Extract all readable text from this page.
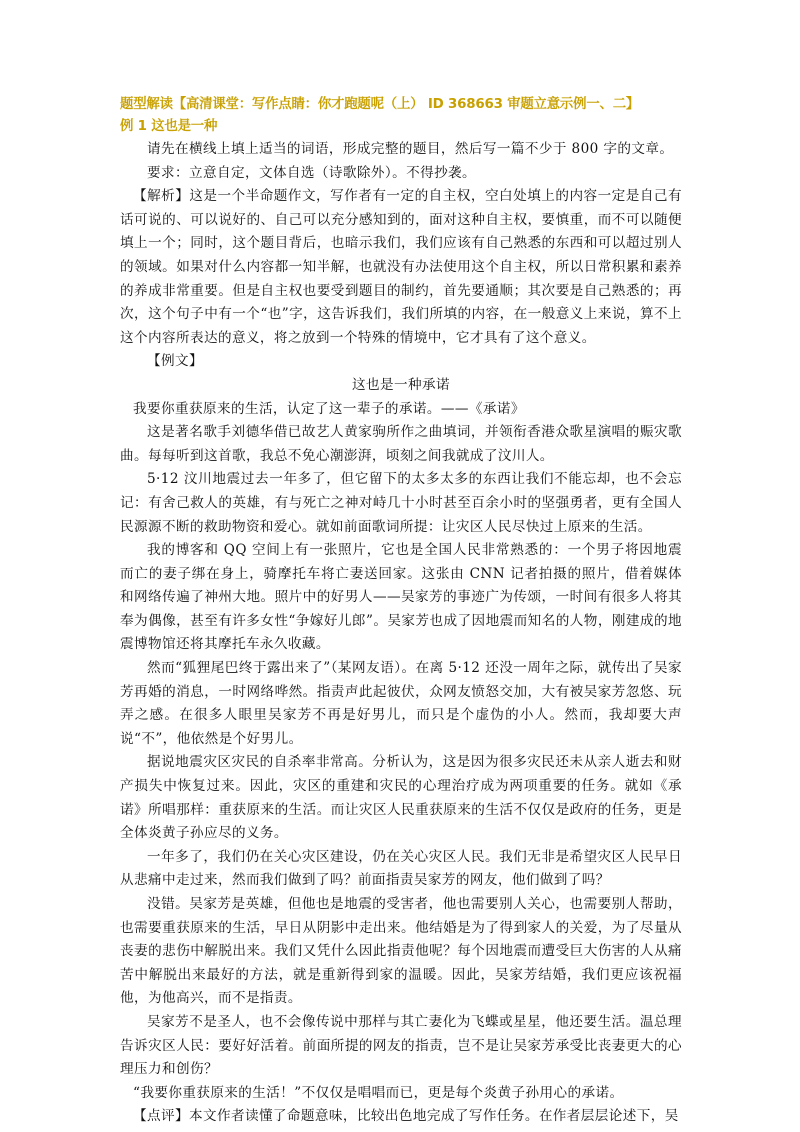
题型解读【高清课堂：写作点睛：你才跑题呢（上） ID 368663 审题立意示例一、二】
例 1 这也是一种

请先在横线上填上适当的词语，形成完整的题目，然后写一篇不少于 800 字的文章。

要求：立意自定，文体自选（诗歌除外）。不得抄袭。

【解析】这是一个半命题作文，写作者有一定的自主权，空白处填上的内容一定是自己有话可说的、可以说好的、自己可以充分感知到的，面对这种自主权，要慎重，而不可以随便填上一个；同时，这个题目背后，也暗示我们，我们应该有自己熟悉的东西和可以超过别人的领域。如果对什么内容都一知半解，也就没有办法使用这个自主权，所以日常积累和素养的养成非常重要。但是自主权也要受到题目的制约，首先要通顺；其次要是自己熟悉的；再次，这个句子中有一个“也”字，这告诉我们，我们所填的内容，在一般意义上来说，算不上这个内容所表达的意义，将之放到一个特殊的情境中，它才具有了这个意义。

【例文】

这也是一种承诺

我要你重获原来的生活，认定了这一辈子的承诺。——《承诺》

这是著名歌手刘德华借已故艺人黄家驹所作之曲填词，并领衔香港众歌星演唱的赈灾歌曲。每每听到这首歌，我总不免心潮澎湃，顷刻之间我就成了汶川人。

5·12 汶川地震过去一年多了，但它留下的太多太多的东西让我们不能忘却，也不会忘记：有舍己救人的英雄，有与死亡之神对峙几十小时甚至百余小时的坚强勇者，更有全国人民源源不断的救助物资和爱心。就如前面歌词所提：让灾区人民尽快过上原来的生活。

我的博客和 QQ 空间上有一张照片，它也是全国人民非常熟悉的：一个男子将因地震而亡的妻子绑在身上，骑摩托车将亡妻送回家。这张由 CNN 记者拍摄的照片，借着媒体和网络传遍了神州大地。照片中的好男人——吴家芳的事迹广为传颂，一时间有很多人将其奉为偶像，甚至有许多女性“争嫁好儿郎”。吴家芳也成了因地震而知名的人物，刚建成的地震博物馆还将其摩托车永久收藏。

然而“狐狸尾巴终于露出来了”（某网友语）。在离 5·12 还没一周年之际，就传出了吴家芳再婚的消息，一时网络哗然。指责声此起彼伏，众网友愤怒交加，大有被吴家芳忽悠、玩弄之感。在很多人眼里吴家芳不再是好男儿，而只是个虚伪的小人。然而，我却要大声说“不”，他依然是个好男儿。

据说地震灾区灾民的自杀率非常高。分析认为，这是因为很多灾民还未从亲人逝去和财产损失中恢复过来。因此，灾区的重建和灾民的心理治疗成为两项重要的任务。就如《承诺》所唱那样：重获原来的生活。而让灾区人民重获原来的生活不仅仅是政府的任务，更是全体炎黄子孙应尽的义务。

一年多了，我们仍在关心灾区建设，仍在关心灾区人民。我们无非是希望灾区人民早日从悲痛中走过来，然而我们做到了吗？前面指责吴家芳的网友，他们做到了吗？

没错。吴家芳是英雄，但他也是地震的受害者，他也需要别人关心，也需要别人帮助，也需要重获原来的生活，早日从阴影中走出来。他结婚是为了得到家人的关爱，为了尽量从丧妻的悲伤中解脱出来。我们又凭什么因此指责他呢？每个因地震而遭受巨大伤害的人从痛苦中解脱出来最好的方法，就是重新得到家的温暖。因此，吴家芳结婚，我们更应该祝福他，为他高兴，而不是指责。

吴家芳不是圣人，也不会像传说中那样与其亡妻化为飞蝶或星星，他还要生活。温总理告诉灾区人民：要好好活着。前面所提的网友的指责，岂不是让吴家芳承受比丧妻更大的心理压力和创伤？

“我要你重获原来的生活！”不仅仅是唱唱而已，更是每个炎黄子孙用心的承诺。

【点评】本文作者读懂了命题意味，比较出色地完成了写作任务。在作者层层论述下，吴
